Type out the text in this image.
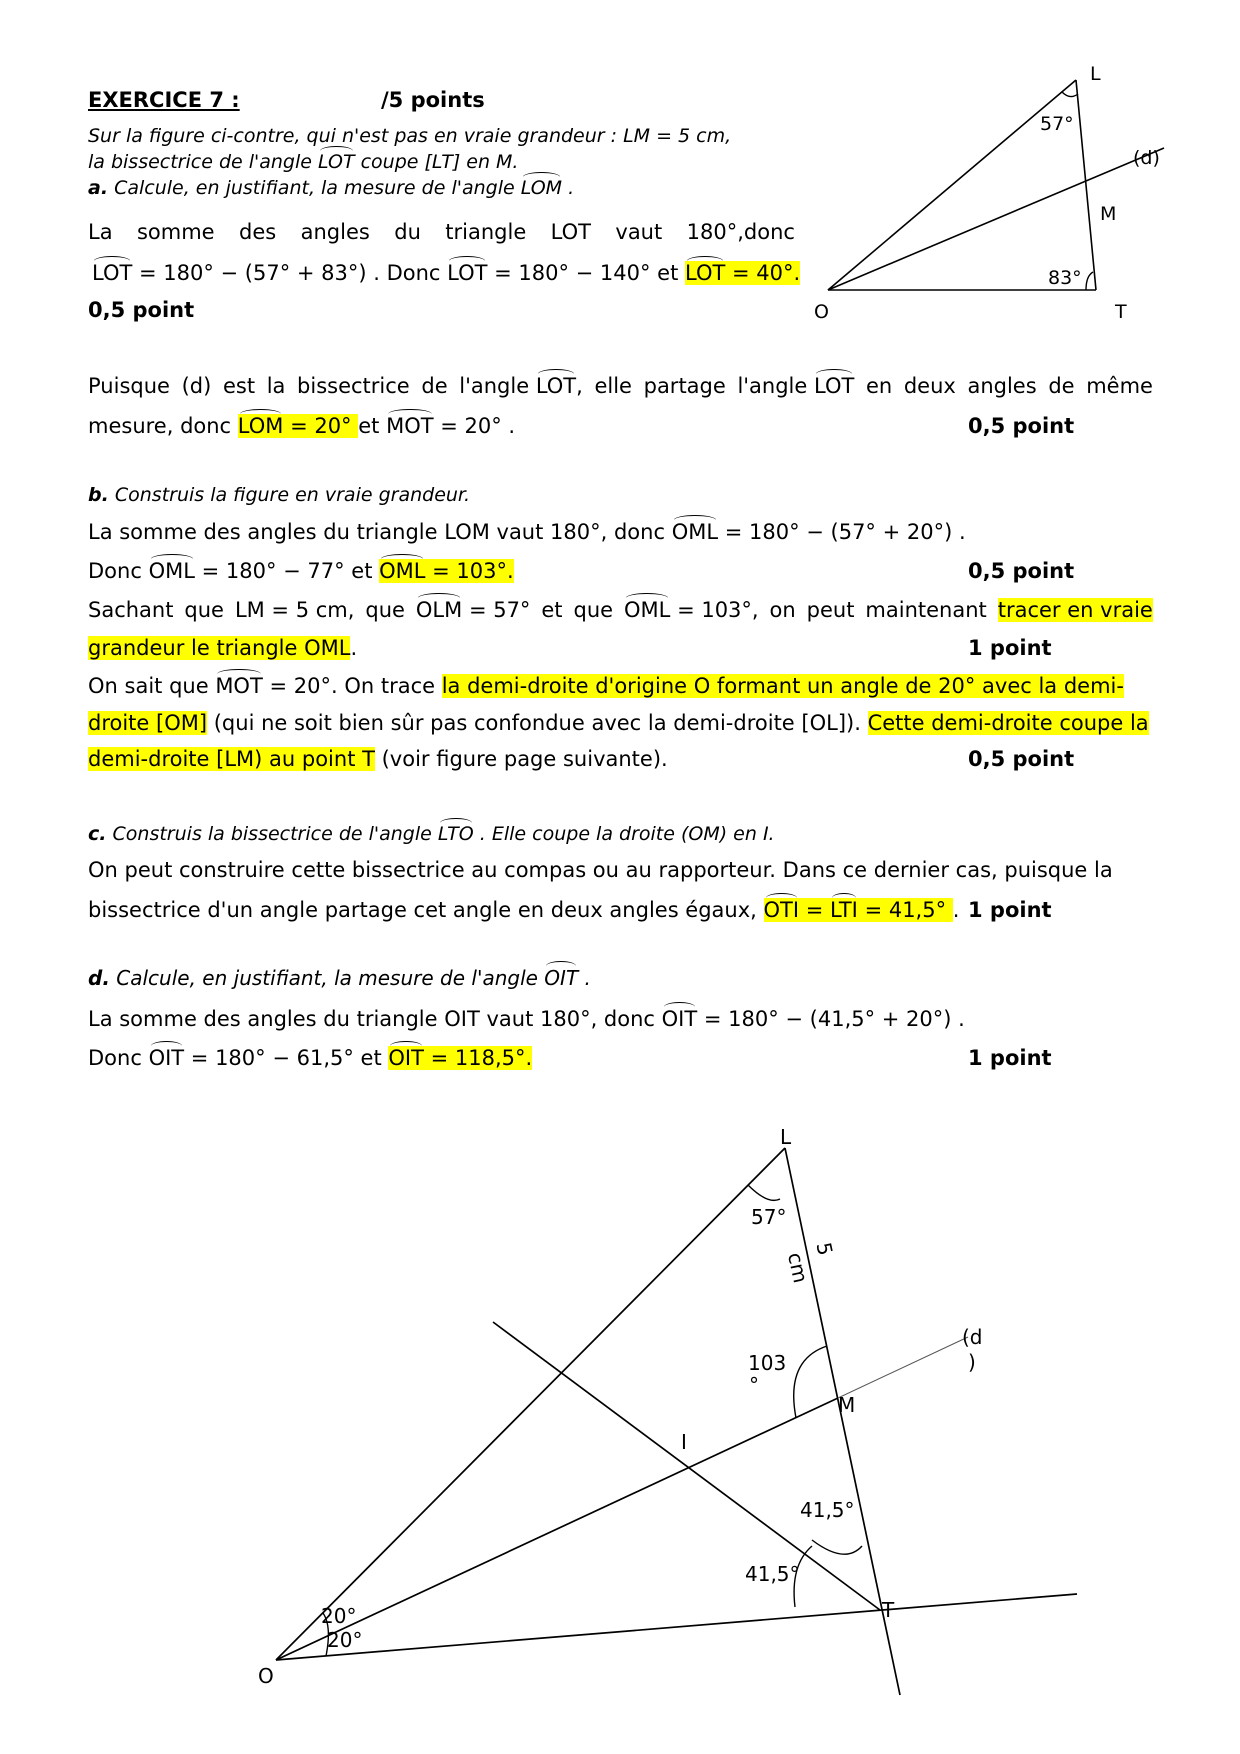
EXERCICE 7 :	/5 points
Sur la figure ci-contre, qui n'est pas en vraie grandeur : LM = 5 cm,
la bissectrice de l'angle LOT coupe [LT] en M.
a. Calcule, en justifiant, la mesure de l'angle LOM .
La somme des angles du triangle LOT vaut 180°,donc
LOT = 180° − (57° + 83°) . Donc LOT = 180° − 140° et LOT = 40°.
0,5 point
L
57°
(d)
M
83°
O	T
Puisque (d) est la bissectrice de l'angle LOT, elle partage l'angle LOT en deux angles de même
mesure, donc LOM = 20° et MOT = 20° .	0,5 point
b. Construis la figure en vraie grandeur.
La somme des angles du triangle LOM vaut 180°, donc OML = 180° − (57° + 20°) .
Donc OML = 180° − 77° et OML = 103°.	0,5 point
Sachant que LM = 5 cm, que OLM = 57° et que OML = 103°, on peut maintenant tracer en vraie
grandeur le triangle OML.	1 point
On sait que MOT = 20°. On trace la demi-droite d'origine O formant un angle de 20° avec la demi-
droite [OM] (qui ne soit bien sûr pas confondue avec la demi-droite [OL]). Cette demi-droite coupe la
demi-droite [LM) au point T (voir figure page suivante).	0,5 point
c. Construis la bissectrice de l'angle LTO . Elle coupe la droite (OM) en I.
On peut construire cette bissectrice au compas ou au rapporteur. Dans ce dernier cas, puisque la
bissectrice d'un angle partage cet angle en deux angles égaux, OTI = LTI = 41,5° . 1 point
d. Calcule, en justifiant, la mesure de l'angle OIT .
La somme des angles du triangle OIT vaut 180°, donc OIT = 180° − (41,5° + 20°) .
Donc OIT = 180° − 61,5° et OIT = 118,5°.	1 point
L
57°
5
cm
(d
)
103
°
M
I
41,5°
41,5°
20°
20°
T
O
